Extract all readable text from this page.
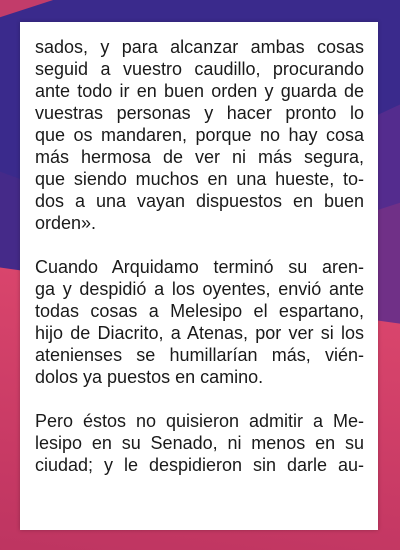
sados, y para alcanzar ambas cosas
seguid a vuestro caudillo, procurando
ante todo ir en buen orden y guarda de
vuestras personas y hacer pronto lo
que os mandaren, porque no hay cosa
más hermosa de ver ni más segura,
que siendo muchos en una hueste, to-
dos a una vayan dispuestos en buen
orden».
Cuando Arquidamo terminó su aren-
ga y despidió a los oyentes, envió ante
todas cosas a Melesipo el espartano,
hijo de Diacrito, a Atenas, por ver si los
atenienses se humillarían más, vién-
dolos ya puestos en camino.
Pero éstos no quisieron admitir a Me-
lesipo en su Senado, ni menos en su
ciudad; y le despidieron sin darle au-
